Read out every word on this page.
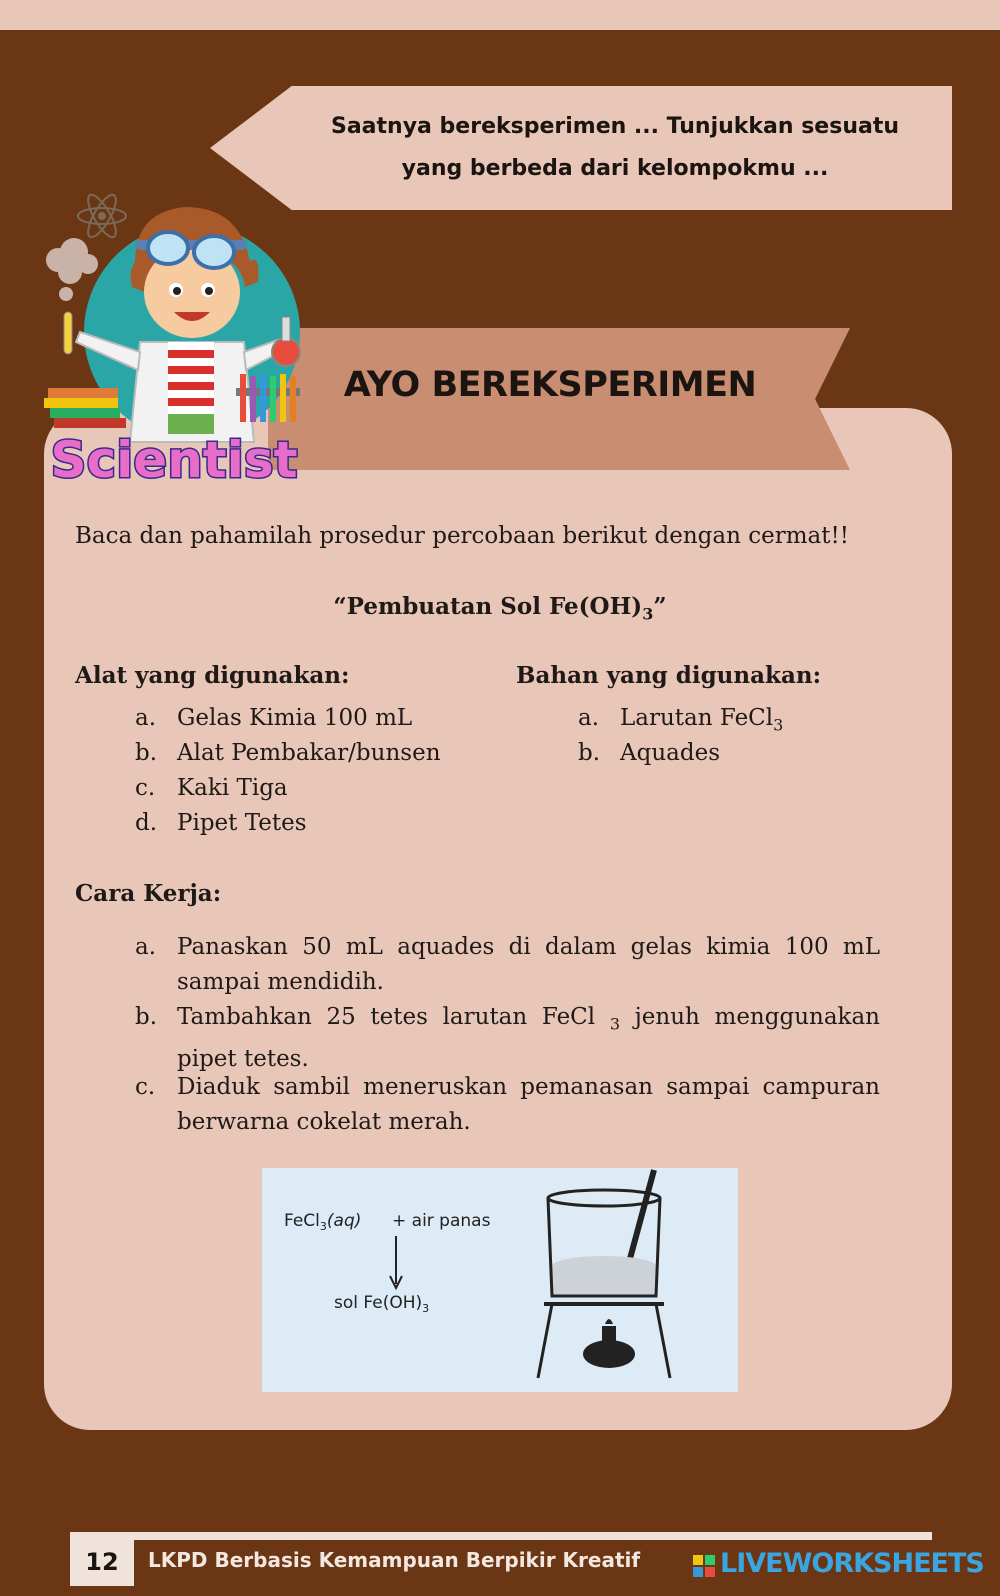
Saatnya bereksperimen ... Tunjukkan sesuatu
yang berbeda dari kelompokmu ...
AYO BEREKSPERIMEN
Scientist
Baca dan pahamilah prosedur percobaan berikut dengan cermat!!
“Pembuatan Sol $Fe(OH)_3$”
Alat yang digunakan:	Bahan yang digunakan:
a. Gelas Kimia 100 mL
b. Alat Pembakar/bunsen
c. Kaki Tiga
d. Pipet Tetes
a. Larutan FeCl$_3$
b. Aquades
Cara Kerja:
a. Panaskan 50 mL aquades di dalam gelas kimia 100 mL sampai mendidih.
b. Tambahkan 25 tetes larutan FeCl $_3$ jenuh menggunakan pipet tetes.
c. Diaduk sambil meneruskan pemanasan sampai campuran berwarna cokelat merah.
FeCl$_3$(aq) + air panas
sol $Fe(OH)_3$
12	LKPD Berbasis Kemampuan Berpikir Kreatif	LIVEWORKSHEETS
